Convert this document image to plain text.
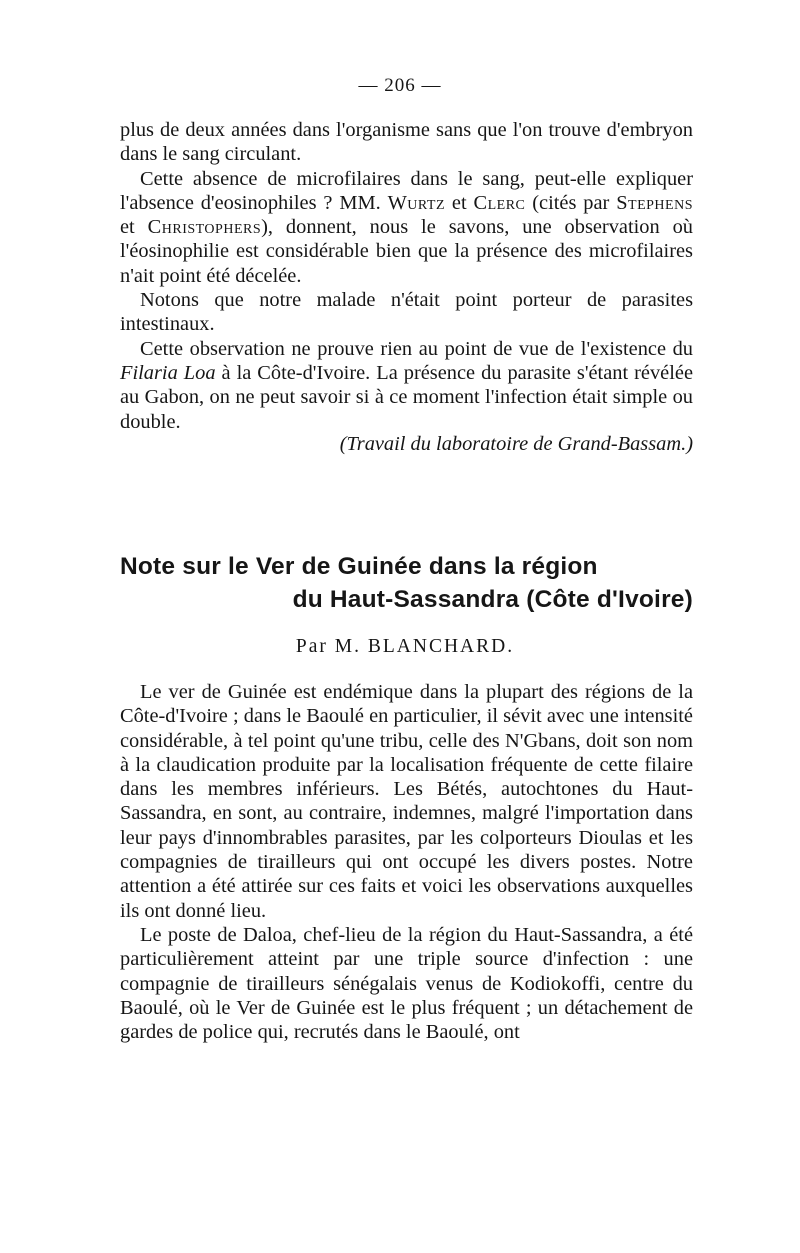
— 206 —

plus de deux années dans l'organisme sans que l'on trouve d'embryon dans le sang circulant.

Cette absence de microfilaires dans le sang, peut-elle expliquer l'absence d'eosinophiles ? MM. Wurtz et Clerc (cités par Stephens et Christophers), donnent, nous le savons, une observation où l'éosinophilie est considérable bien que la présence des microfilaires n'ait point été décelée.

Notons que notre malade n'était point porteur de parasites intestinaux.

Cette observation ne prouve rien au point de vue de l'existence du Filaria Loa à la Côte-d'Ivoire. La présence du parasite s'étant révélée au Gabon, on ne peut savoir si à ce moment l'infection était simple ou double.

(Travail du laboratoire de Grand-Bassam.)
Note sur le Ver de Guinée dans la région
du Haut-Sassandra (Côte d'Ivoire)
Par M. BLANCHARD.

Le ver de Guinée est endémique dans la plupart des régions de la Côte-d'Ivoire ; dans le Baoulé en particulier, il sévit avec une intensité considérable, à tel point qu'une tribu, celle des N'Gbans, doit son nom à la claudication produite par la localisation fréquente de cette filaire dans les membres inférieurs. Les Bétés, autochtones du Haut-Sassandra, en sont, au contraire, indemnes, malgré l'importation dans leur pays d'innombrables parasites, par les colporteurs Dioulas et les compagnies de tirailleurs qui ont occupé les divers postes. Notre attention a été attirée sur ces faits et voici les observations auxquelles ils ont donné lieu.

Le poste de Daloa, chef-lieu de la région du Haut-Sassandra, a été particulièrement atteint par une triple source d'infection : une compagnie de tirailleurs sénégalais venus de Kodiokoffi, centre du Baoulé, où le Ver de Guinée est le plus fréquent ; un détachement de gardes de police qui, recrutés dans le Baoulé, ont
